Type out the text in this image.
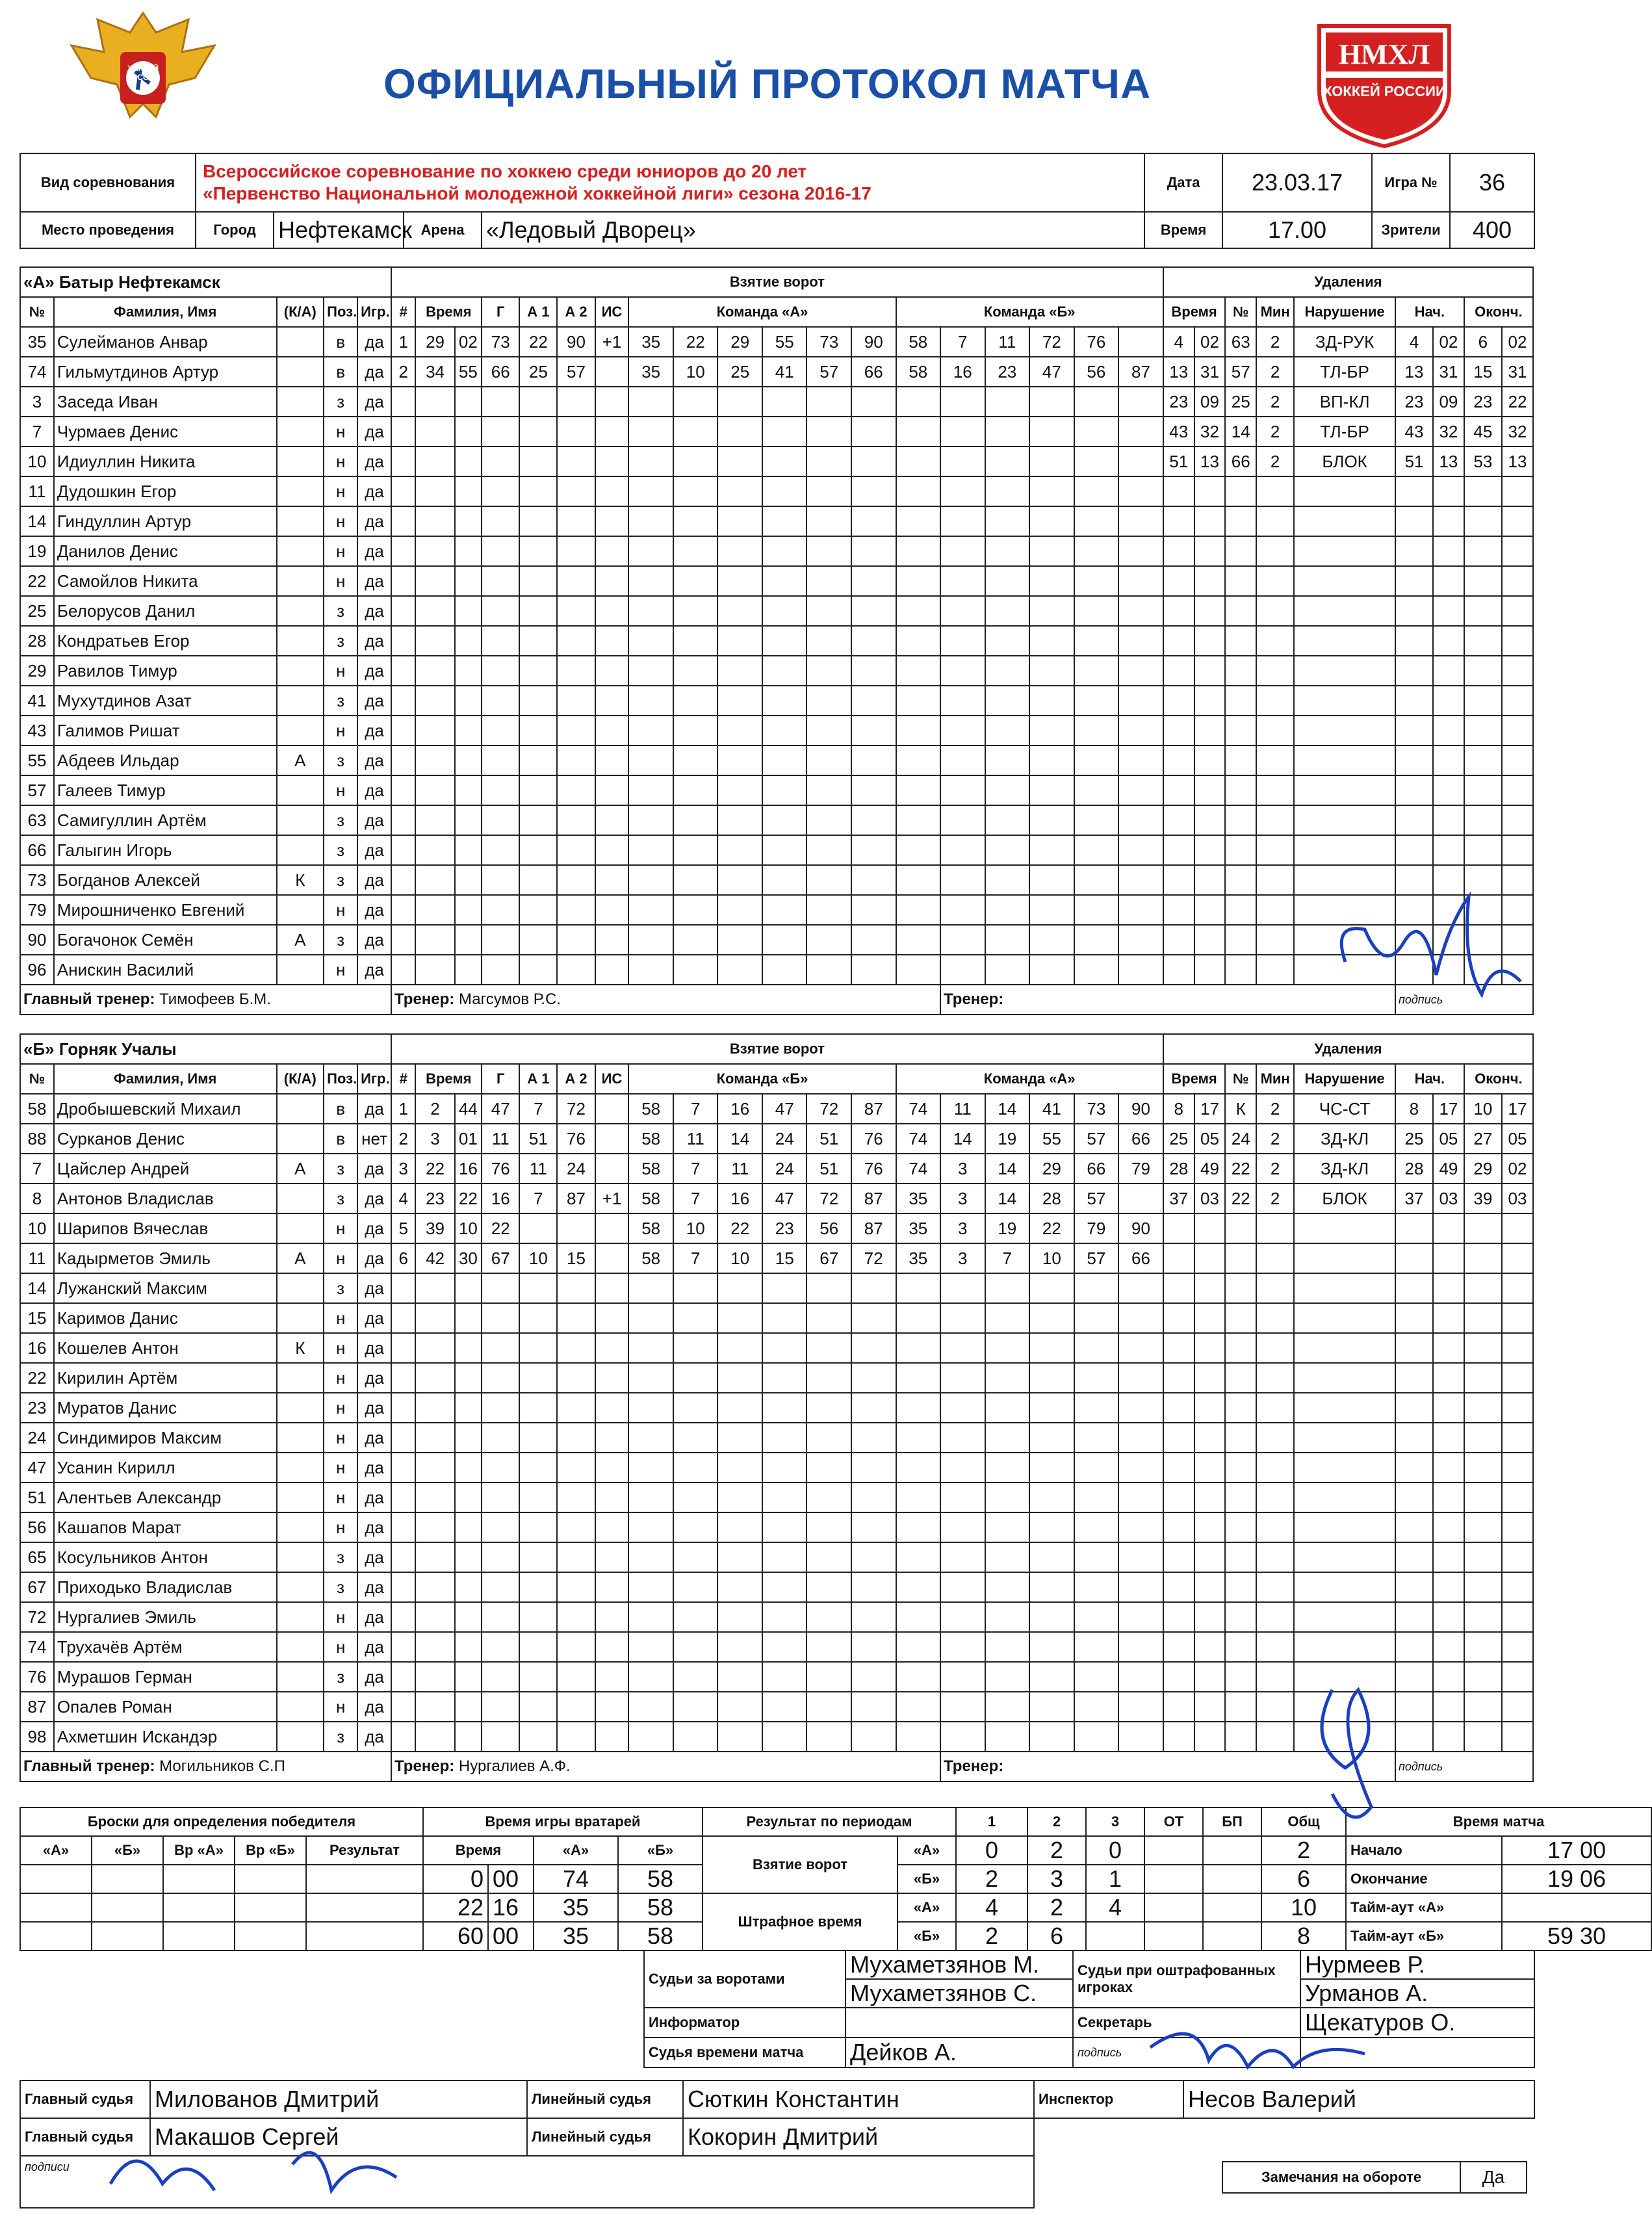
ХОККЕЙ РОССИИ	ОФИЦИАЛЬНЫЙ ПРОТОКОЛ МАТЧА
НМХЛ
ХОККЕЙ РОССИИ
Вид соревнования	Всероссийское соревнование по хоккею среди юниоров до 20 лет
«Первенство Национальной молодежной хоккейной лиги» сезона 2016-17				Дата	23.03.17	Игра №	36
Место проведения	Город	Нефтекамск	Арена	«Ледовый Дворец»	Время	17.00	Зрители	400
«А» Батыр Нефтекамск					Взятие ворот																			Удаления								
№	Фамилия, Имя	(К/А)	Поз.	Игр.	#	Время		Г	А 1	А 2	ИС	Команда «А»						Команда «Б»						Время		№	Мин	Нарушение	Нач.		Оконч.	
35	Сулейманов Анвар		в	да	1	29	02	73	22	90	+1	35	22	29	55	73	90	58	7	11	72	76		4	02	63	2	ЗД-РУК	4	02	6	02
74	Гильмутдинов Артур		в	да	2	34	55	66	25	57		35	10	25	41	57	66	58	16	23	47	56	87	13	31	57	2	ТЛ-БР	13	31	15	31
3	Заседа Иван		з	да																				23	09	25	2	ВП-КЛ	23	09	23	22
7	Чурмаев Денис		н	да																				43	32	14	2	ТЛ-БР	43	32	45	32
10	Идиуллин Никита		н	да																				51	13	66	2	БЛОК	51	13	53	13
11	Дудошкин Егор		н	да																												
14	Гиндуллин Артур		н	да																												
19	Данилов Денис		н	да																												
22	Самойлов Никита		н	да																												
25	Белорусов Данил		з	да																												
28	Кондратьев Егор		з	да																												
29	Равилов Тимур		н	да																												
41	Мухутдинов Азат		з	да																												
43	Галимов Ришат		н	да																												
55	Абдеев Ильдар	А	з	да																												
57	Галеев Тимур		н	да																												
63	Самигуллин Артём		з	да																												
66	Галыгин Игорь		з	да																												
73	Богданов Алексей	К	з	да																												
79	Мирошниченко Евгений		н	да																												
90	Богачонок Семён	А	з	да																												
96	Анискин Василий		н	да																												
Главный тренер: Тимофеев Б.М.					Тренер: Магсумов Р.С.														Тренер:										подпись			
«Б» Горняк Учалы					Взятие ворот																			Удаления								
№	Фамилия, Имя	(К/А)	Поз.	Игр.	#	Время		Г	А 1	А 2	ИС	Команда «Б»						Команда «А»						Время		№	Мин	Нарушение	Нач.		Оконч.	
58	Дробышевский Михаил		в	да	1	2	44	47	7	72		58	7	16	47	72	87	74	11	14	41	73	90	8	17	К	2	ЧС-СТ	8	17	10	17
88	Сурканов Денис		в	нет	2	3	01	11	51	76		58	11	14	24	51	76	74	14	19	55	57	66	25	05	24	2	ЗД-КЛ	25	05	27	05
7	Цайслер Андрей	А	з	да	3	22	16	76	11	24		58	7	11	24	51	76	74	3	14	29	66	79	28	49	22	2	ЗД-КЛ	28	49	29	02
8	Антонов Владислав		з	да	4	23	22	16	7	87	+1	58	7	16	47	72	87	35	3	14	28	57		37	03	22	2	БЛОК	37	03	39	03
10	Шарипов Вячеслав		н	да	5	39	10	22				58	10	22	23	56	87	35	3	19	22	79	90									
11	Кадырметов Эмиль	А	н	да	6	42	30	67	10	15		58	7	10	15	67	72	35	3	7	10	57	66									
14	Лужанский Максим		з	да																												
15	Каримов Данис		н	да																												
16	Кошелев Антон	К	н	да																												
22	Кирилин Артём		н	да																												
23	Муратов Данис		н	да																												
24	Синдимиров Максим		н	да																												
47	Усанин Кирилл		н	да																												
51	Алентьев Александр		н	да																												
56	Кашапов Марат		н	да																												
65	Косульников Антон		з	да																												
67	Приходько Владислав		з	да																												
72	Нургалиев Эмиль		н	да																												
74	Трухачёв Артём		н	да																												
76	Мурашов Герман		з	да																												
87	Опалев Роман		н	да																												
98	Ахметшин Искандэр		з	да																												
Главный тренер: Могильников С.П					Тренер: Нургалиев А.Ф.														Тренер:										подпись			
Броски для определения победителя					Время игры вратарей				Результат по периодам		1	2	3	ОТ	БП	Общ	Время матча	
«А»	«Б»	Вр «А»	Вр «Б»	Результат	Время		«А»	«Б»	Взятие ворот	«А»	0	2	0			2	Начало	17 00
					0	00	74	58		«Б»	2	3	1			6	Окончание	19 06
					22	16	35	58	Штрафное время	«А»	4	2	4			10	Тайм-аут «А»	
					60	00	35	58		«Б»	2	6				8	Тайм-аут «Б»	59 30
Судьи за воротами	Мухаметзянов М.	Судьи при оштрафованных игроках	Нурмеев Р.
	Мухаметзянов С.		Урманов А.
Информатор		Секретарь	Щекатуров О.
Судья времени матча	Дейков А.	подпись	
Главный судья	Милованов Дмитрий	Линейный судья	Сюткин Константин	Инспектор	Несов Валерий
Главный судья	Макашов Сергей	Линейный судья	Кокорин Дмитрий		
подписи					
Замечания на обороте	Да
